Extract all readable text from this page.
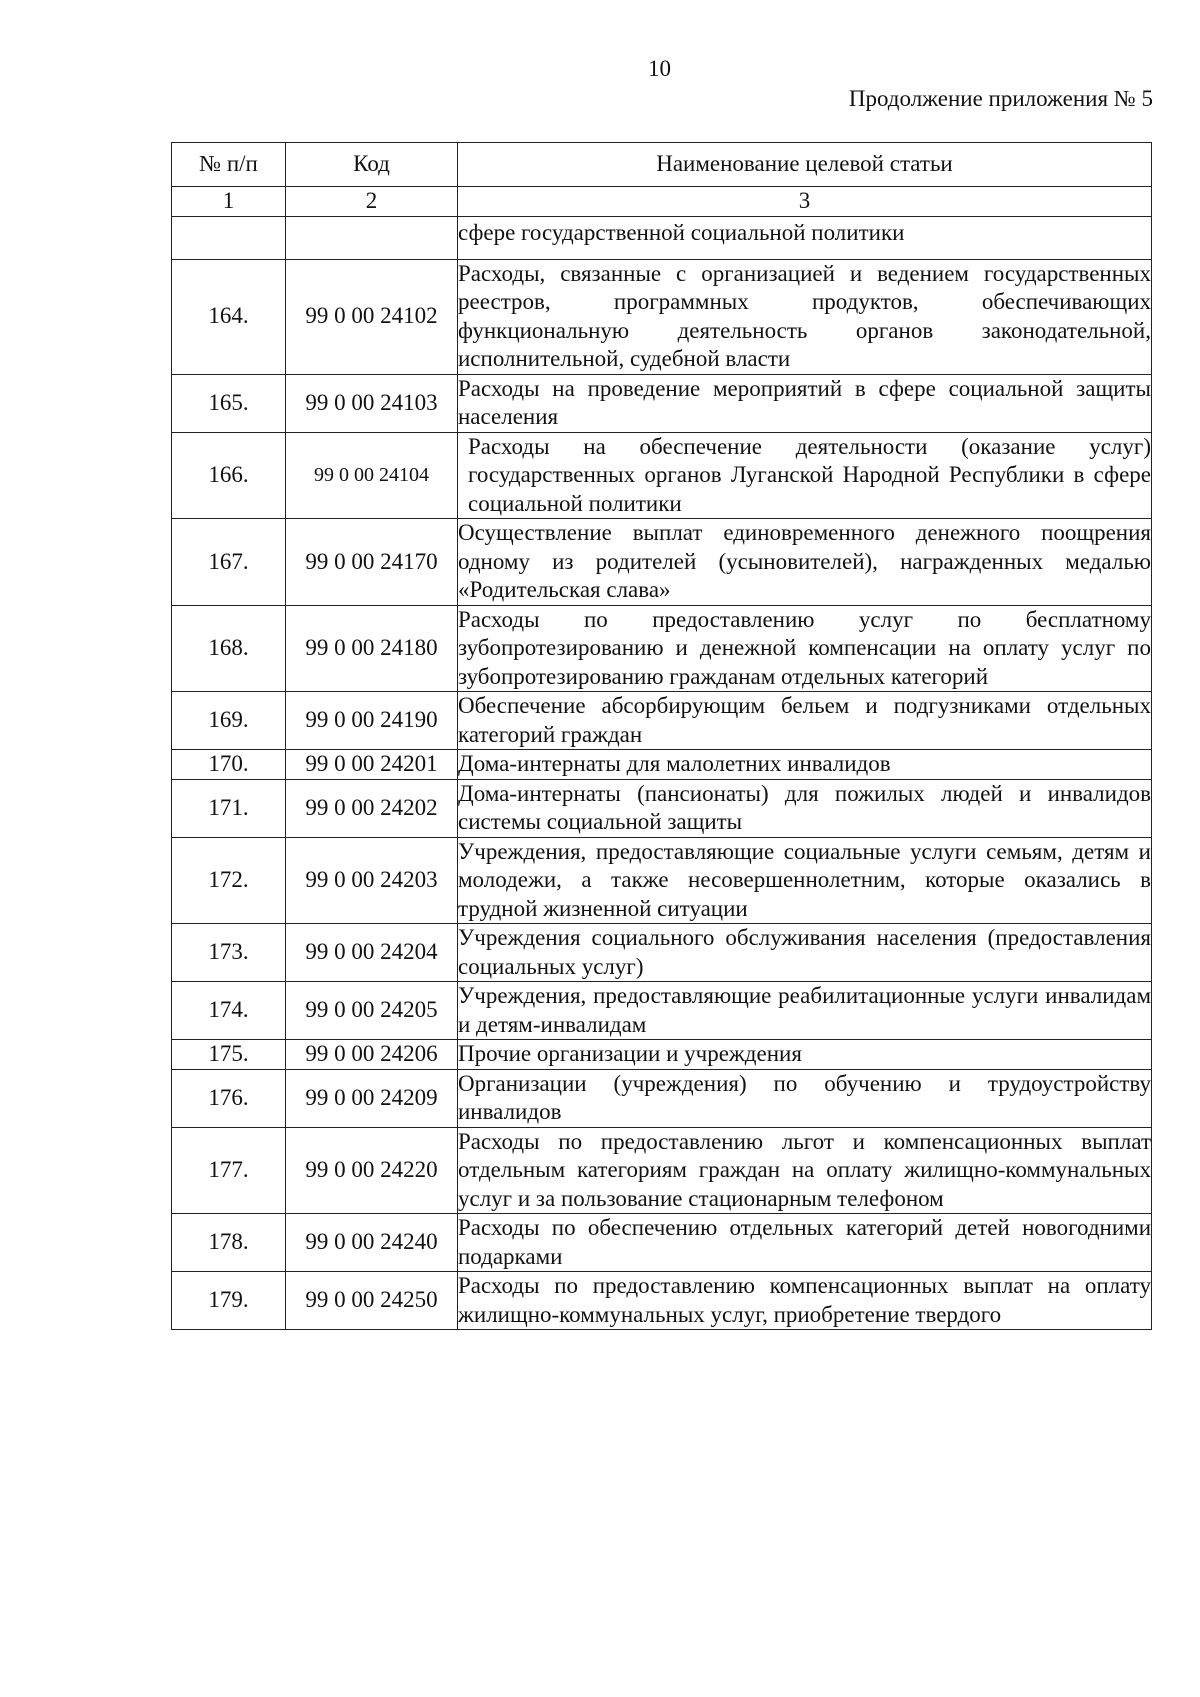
10
Продолжение приложения № 5
№ п/п	Код	Наименование целевой статьи
1	2	3
		сфере государственной социальной политики
164.	99 0 00 24102	Расходы, связанные с организацией и ведением государственных реестров, программных продуктов, обеспечивающих функциональную деятельность органов законодательной, исполнительной, судебной власти
165.	99 0 00 24103	Расходы на проведение мероприятий в сфере социальной защиты населения
166.	99 0 00 24104	Расходы на обеспечение деятельности (оказание услуг) государственных органов Луганской Народной Республики в сфере социальной политики
167.	99 0 00 24170	Осуществление выплат единовременного денежного поощрения одному из родителей (усыновителей), награжденных медалью «Родительская слава»
168.	99 0 00 24180	Расходы по предоставлению услуг по бесплатному зубопротезированию и денежной компенсации на оплату услуг по зубопротезированию гражданам отдельных категорий
169.	99 0 00 24190	Обеспечение абсорбирующим бельем и подгузниками отдельных категорий граждан
170.	99 0 00 24201	Дома-интернаты для малолетних инвалидов
171.	99 0 00 24202	Дома-интернаты (пансионаты) для пожилых людей и инвалидов системы социальной защиты
172.	99 0 00 24203	Учреждения, предоставляющие социальные услуги семьям, детям и молодежи, а также несовершеннолетним, которые оказались в трудной жизненной ситуации
173.	99 0 00 24204	Учреждения социального обслуживания населения (предоставления социальных услуг)
174.	99 0 00 24205	Учреждения, предоставляющие реабилитационные услуги инвалидам и детям-инвалидам
175.	99 0 00 24206	Прочие организации и учреждения
176.	99 0 00 24209	Организации (учреждения) по обучению и трудоустройству инвалидов
177.	99 0 00 24220	Расходы по предоставлению льгот и компенсационных выплат отдельным категориям граждан на оплату жилищно-коммунальных услуг и за пользование стационарным телефоном
178.	99 0 00 24240	Расходы по обеспечению отдельных категорий детей новогодними подарками
179.	99 0 00 24250	Расходы по предоставлению компенсационных выплат на оплату жилищно-коммунальных услуг, приобретение твердого
